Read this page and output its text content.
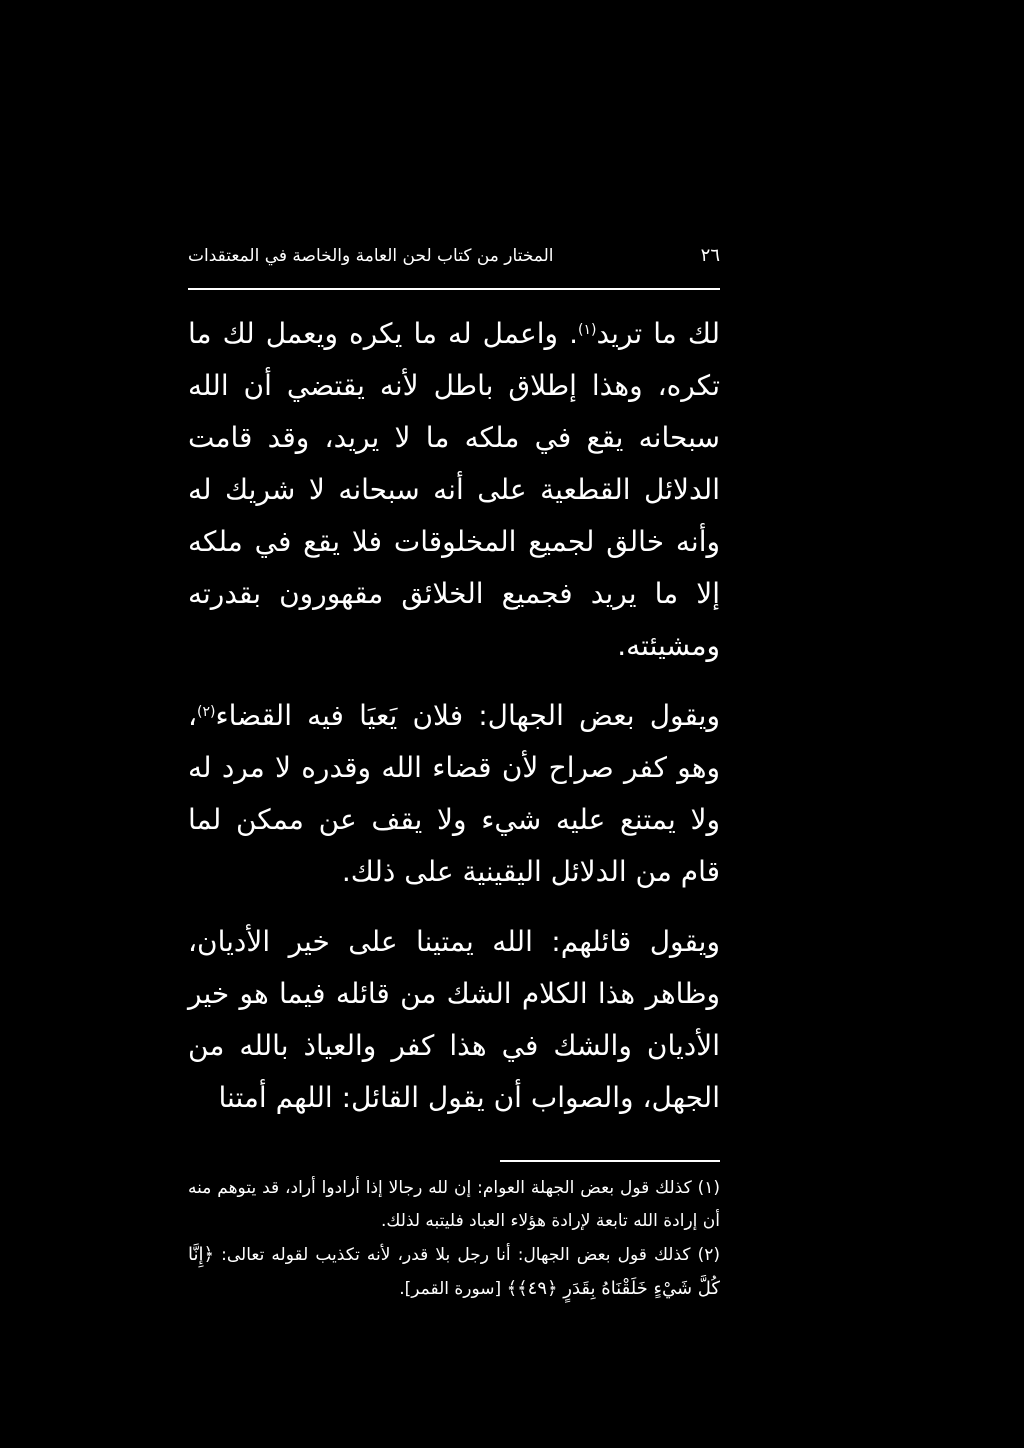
٢٦
المختار من كتاب لحن العامة والخاصة في المعتقدات

لك ما تريد$^{(١)}$. واعمل له ما يكره ويعمل لك ما تكره، وهذا إطلاق باطل لأنه يقتضي أن الله سبحانه يقع في ملكه ما لا يريد، وقد قامت الدلائل القطعية على أنه سبحانه لا شريك له وأنه خالق لجميع المخلوقات فلا يقع في ملكه إلا ما يريد فجميع الخلائق مقهورون بقدرته ومشيئته.

ويقول بعض الجهال: فلان يَعيَا فيه القضاء$^{(٢)}$، وهو كفر صراح لأن قضاء الله وقدره لا مرد له ولا يمتنع عليه شيء ولا يقف عن ممكن لما قام من الدلائل اليقينية على ذلك.

ويقول قائلهم: الله يمتينا على خير الأديان، وظاهر هذا الكلام الشك من قائله فيما هو خير الأديان والشك في هذا كفر والعياذ بالله من الجهل، والصواب أن يقول القائل: اللهم أمتنا

(١) كذلك قول بعض الجهلة العوام: إن لله رجالا إذا أرادوا أراد، قد يتوهم منه أن إرادة الله تابعة لإرادة هؤلاء العباد فليتبه لذلك.

(٢) كذلك قول بعض الجهال: أنا رجل بلا قدر، لأنه تكذيب لقوله تعالى: ﴿إِنَّا كُلَّ شَيْءٍ خَلَقْنَاهُ بِقَدَرٍ ﴿٤٩﴾﴾ [سورة القمر].
